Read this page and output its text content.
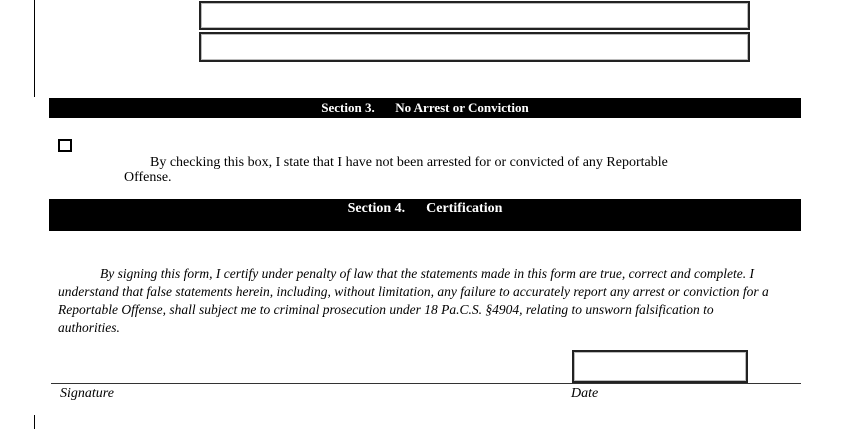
Section 3. No Arrest or Conviction
By checking this box, I state that I have not been arrested for or convicted of any Reportable
Offense.
Section 4. Certification
By signing this form, I certify under penalty of law that the statements made in this form are true, correct and complete. I
understand that false statements herein, including, without limitation, any failure to accurately report any arrest or conviction for a
Reportable Offense, shall subject me to criminal prosecution under 18 Pa.C.S. §4904, relating to unsworn falsification to
authorities.
Signature	Date
